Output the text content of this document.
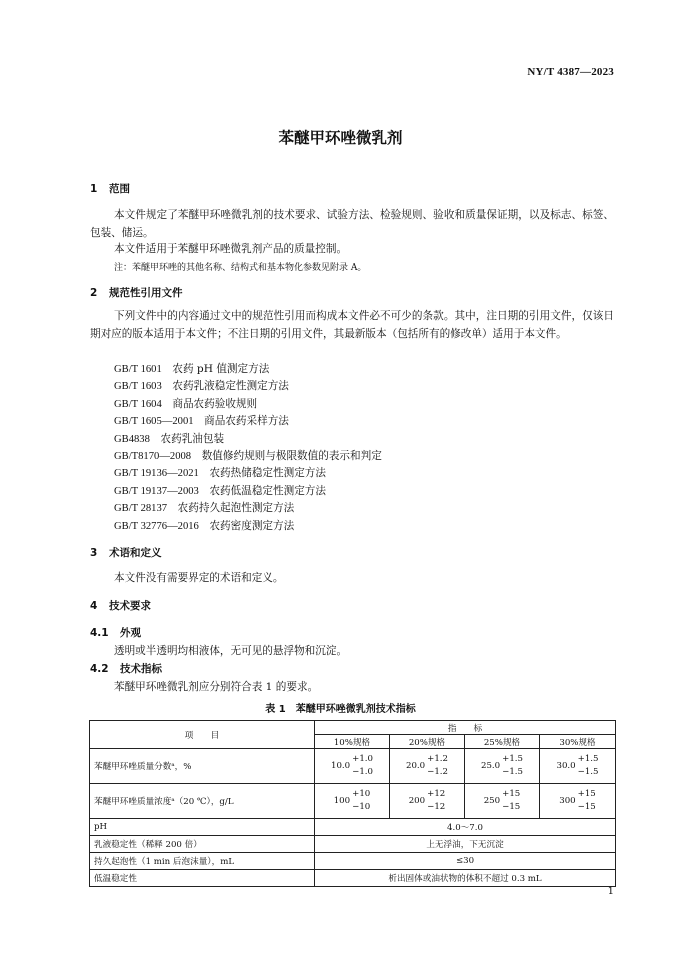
NY/T 4387—2023
苯醚甲环唑微乳剂
1 范围
本文件规定了苯醚甲环唑微乳剂的技术要求、试验方法、检验规则、验收和质量保证期，以及标志、标签、包装、储运。
本文件适用于苯醚甲环唑微乳剂产品的质量控制。
注：苯醚甲环唑的其他名称、结构式和基本物化参数见附录 A。
2 规范性引用文件
下列文件中的内容通过文中的规范性引用而构成本文件必不可少的条款。其中，注日期的引用文件，仅该日期对应的版本适用于本文件；不注日期的引用文件，其最新版本（包括所有的修改单）适用于本文件。
GB/T 1601　 农药 pH 值测定方法
GB/T 1603　 农药乳液稳定性测定方法
GB/T 1604　 商品农药验收规则
GB/T 1605—2001　 商品农药采样方法
GB4838　 农药乳油包装
GB/T8170—2008　 数值修约规则与极限数值的表示和判定
GB/T 19136—2021　 农药热储稳定性测定方法
GB/T 19137—2003　 农药低温稳定性测定方法
GB/T 28137　 农药持久起泡性测定方法
GB/T 32776—2016　 农药密度测定方法
3 术语和定义
本文件没有需要界定的术语和定义。
4 技术要求
4.1 外观
透明或半透明均相液体，无可见的悬浮物和沉淀。
4.2 技术指标
苯醚甲环唑微乳剂应分别符合表 1 的要求。
表 1　苯醚甲环唑微乳剂技术指标
项　　目	指　　标			
	10%规格	20%规格	25%规格	30%规格
苯醚甲环唑质量分数ᵃ，%	10.0
+1.0
−1.0	20.0
+1.2
−1.2	25.0
+1.5
−1.5	30.0
+1.5
−1.5

苯醚甲环唑质量浓度ᵃ（20 ℃），g/L	100
+10
−10	200
+12
−12	250
+15
−15	300
+15
−15

pH	4.0～7.0			
乳液稳定性（稀释 200 倍）	上无浮油，下无沉淀			
持久起泡性（1 min 后泡沫量），mL	≤30			
低温稳定性	析出固体或油状物的体积不超过 0.3 mL			
1
